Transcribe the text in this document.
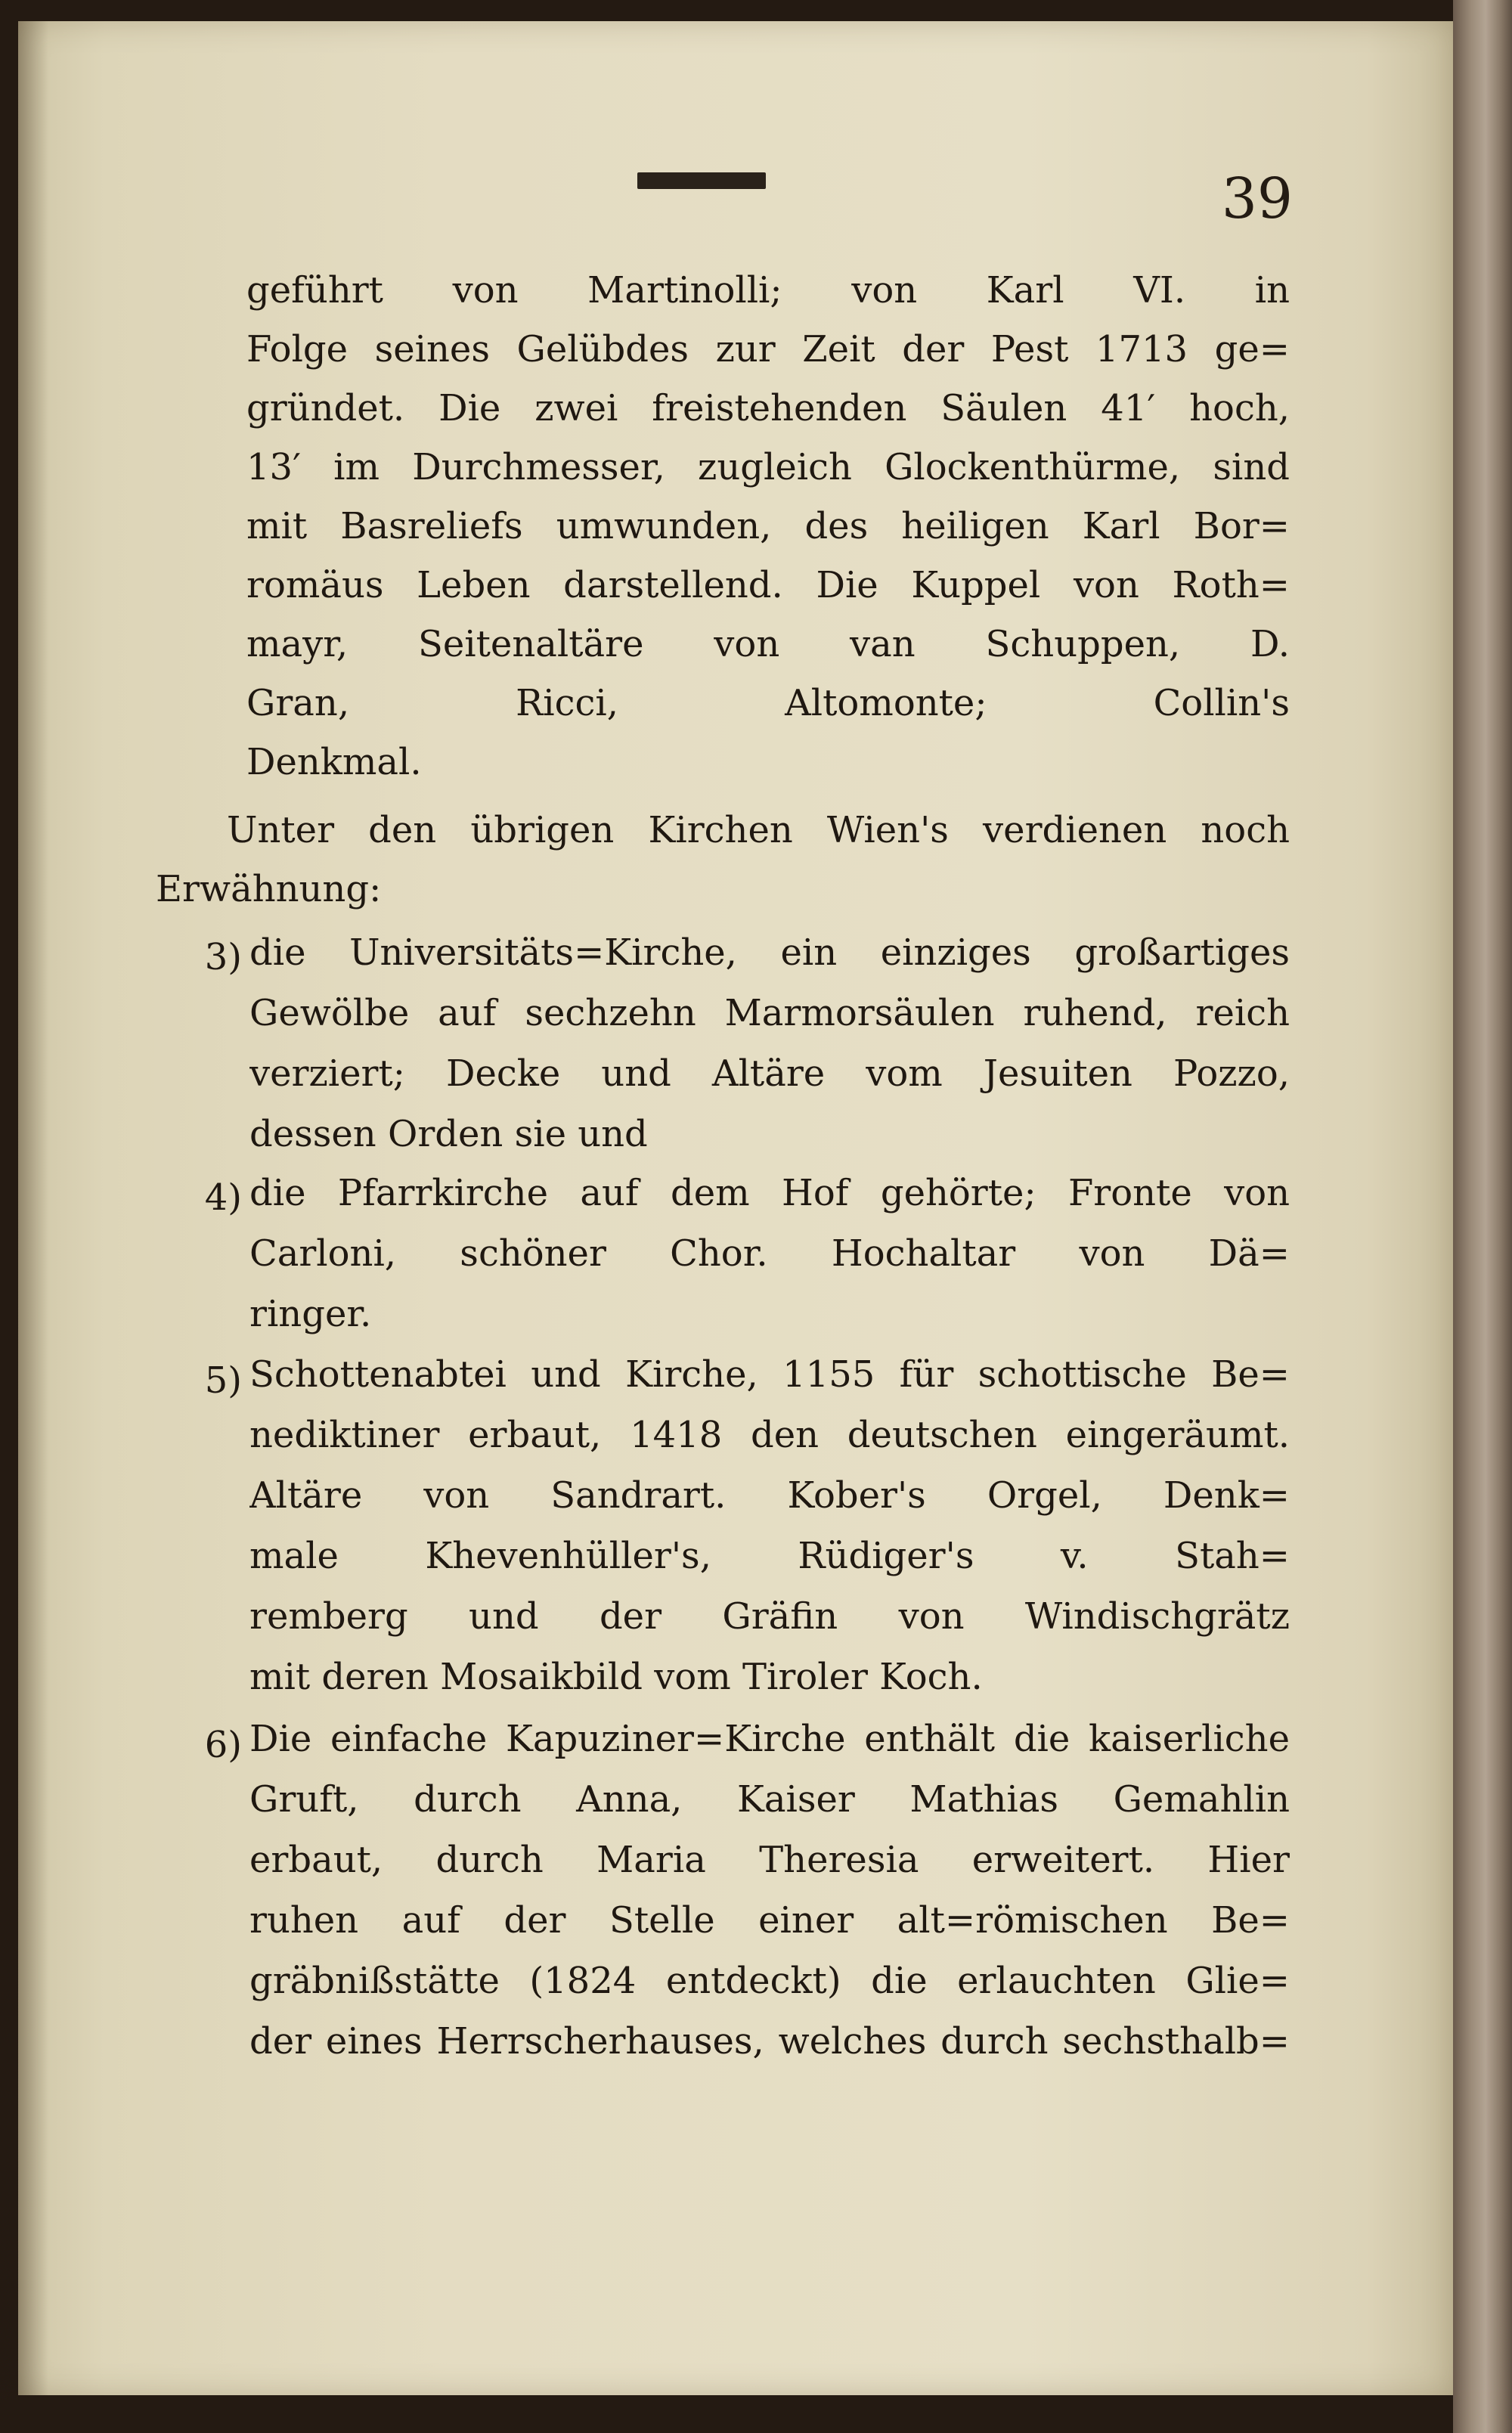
39
geführt von Martinolli; von Karl VI. in
Folge seines Gelübdes zur Zeit der Pest 1713 ge=
gründet. Die zwei freistehenden Säulen 41′ hoch,
13′ im Durchmesser, zugleich Glockenthürme, sind
mit Basreliefs umwunden, des heiligen Karl Bor=
romäus Leben darstellend. Die Kuppel von Roth=
mayr, Seitenaltäre von van Schuppen, D.
Gran, Ricci, Altomonte; Collin's
Denkmal.
Unter den übrigen Kirchen Wien's verdienen noch
Erwähnung:
3) die Universitäts=Kirche, ein einziges großartiges
Gewölbe auf sechzehn Marmorsäulen ruhend, reich
verziert; Decke und Altäre vom Jesuiten Pozzo,
dessen Orden sie und
4) die Pfarrkirche auf dem Hof gehörte; Fronte von
Carloni, schöner Chor. Hochaltar von Dä=
ringer.
5) Schottenabtei und Kirche, 1155 für schottische Be=
nediktiner erbaut, 1418 den deutschen eingeräumt.
Altäre von Sandrart. Kober's Orgel, Denk=
male Khevenhüller's, Rüdiger's v. Stah=
remberg und der Gräfin von Windischgrätz
mit deren Mosaikbild vom Tiroler Koch.
6) Die einfache Kapuziner=Kirche enthält die kaiserliche
Gruft, durch Anna, Kaiser Mathias Gemahlin
erbaut, durch Maria Theresia erweitert. Hier
ruhen auf der Stelle einer alt=römischen Be=
gräbnißstätte (1824 entdeckt) die erlauchten Glie=
der eines Herrscherhauses, welches durch sechsthalb=
